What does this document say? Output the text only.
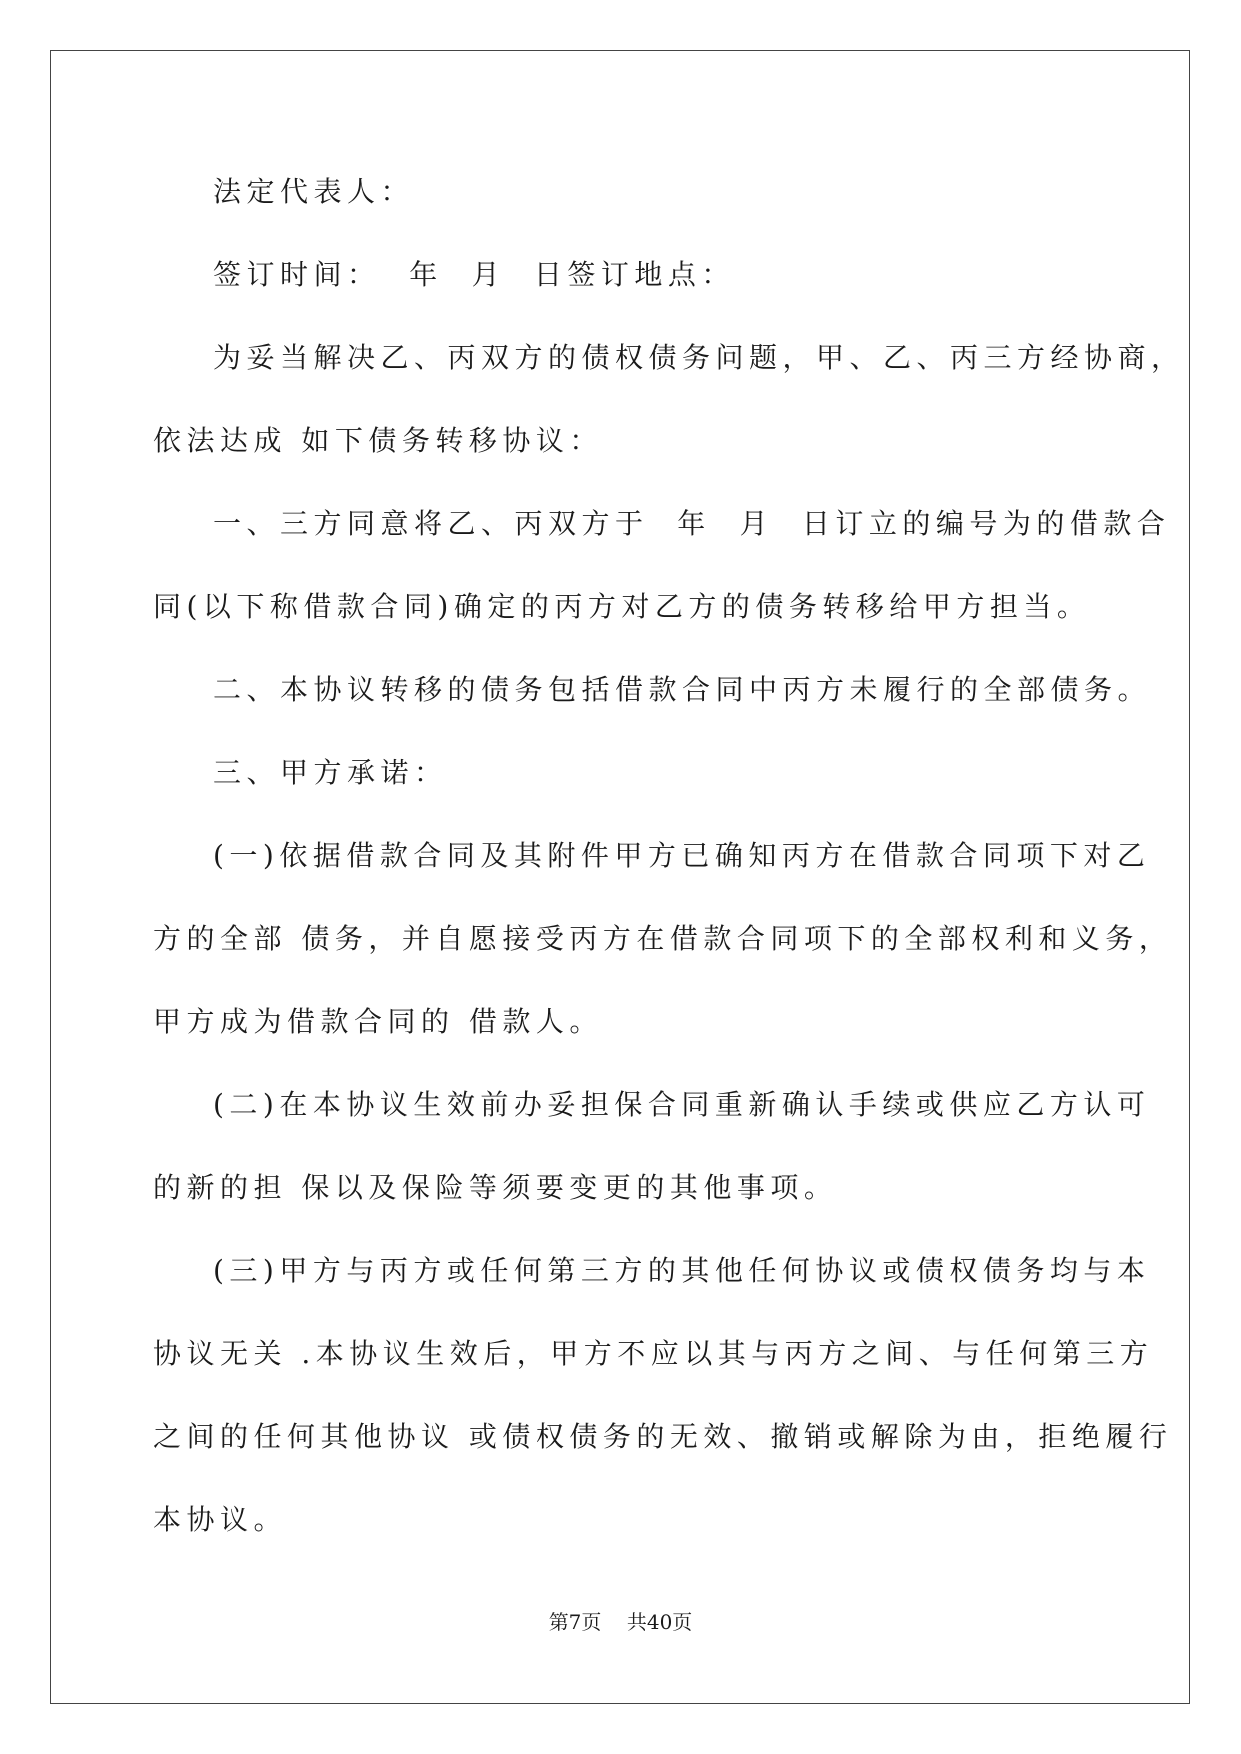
法定代表人：

签订时间：  年  月  日签订地点：

为妥当解决乙、丙双方的债权债务问题，甲、乙、丙三方经协商，

依法达成 如下债务转移协议：

一、三方同意将乙、丙双方于  年  月  日订立的编号为的借款合

同(以下称借款合同)确定的丙方对乙方的债务转移给甲方担当。

二、本协议转移的债务包括借款合同中丙方未履行的全部债务。

三、甲方承诺：

(一)依据借款合同及其附件甲方已确知丙方在借款合同项下对乙

方的全部 债务，并自愿接受丙方在借款合同项下的全部权利和义务，

甲方成为借款合同的 借款人。

(二)在本协议生效前办妥担保合同重新确认手续或供应乙方认可

的新的担 保以及保险等须要变更的其他事项。

(三)甲方与丙方或任何第三方的其他任何协议或债权债务均与本

协议无关 .本协议生效后，甲方不应以其与丙方之间、与任何第三方

之间的任何其他协议 或债权债务的无效、撤销或解除为由，拒绝履行

本协议。

第7页    共40页
